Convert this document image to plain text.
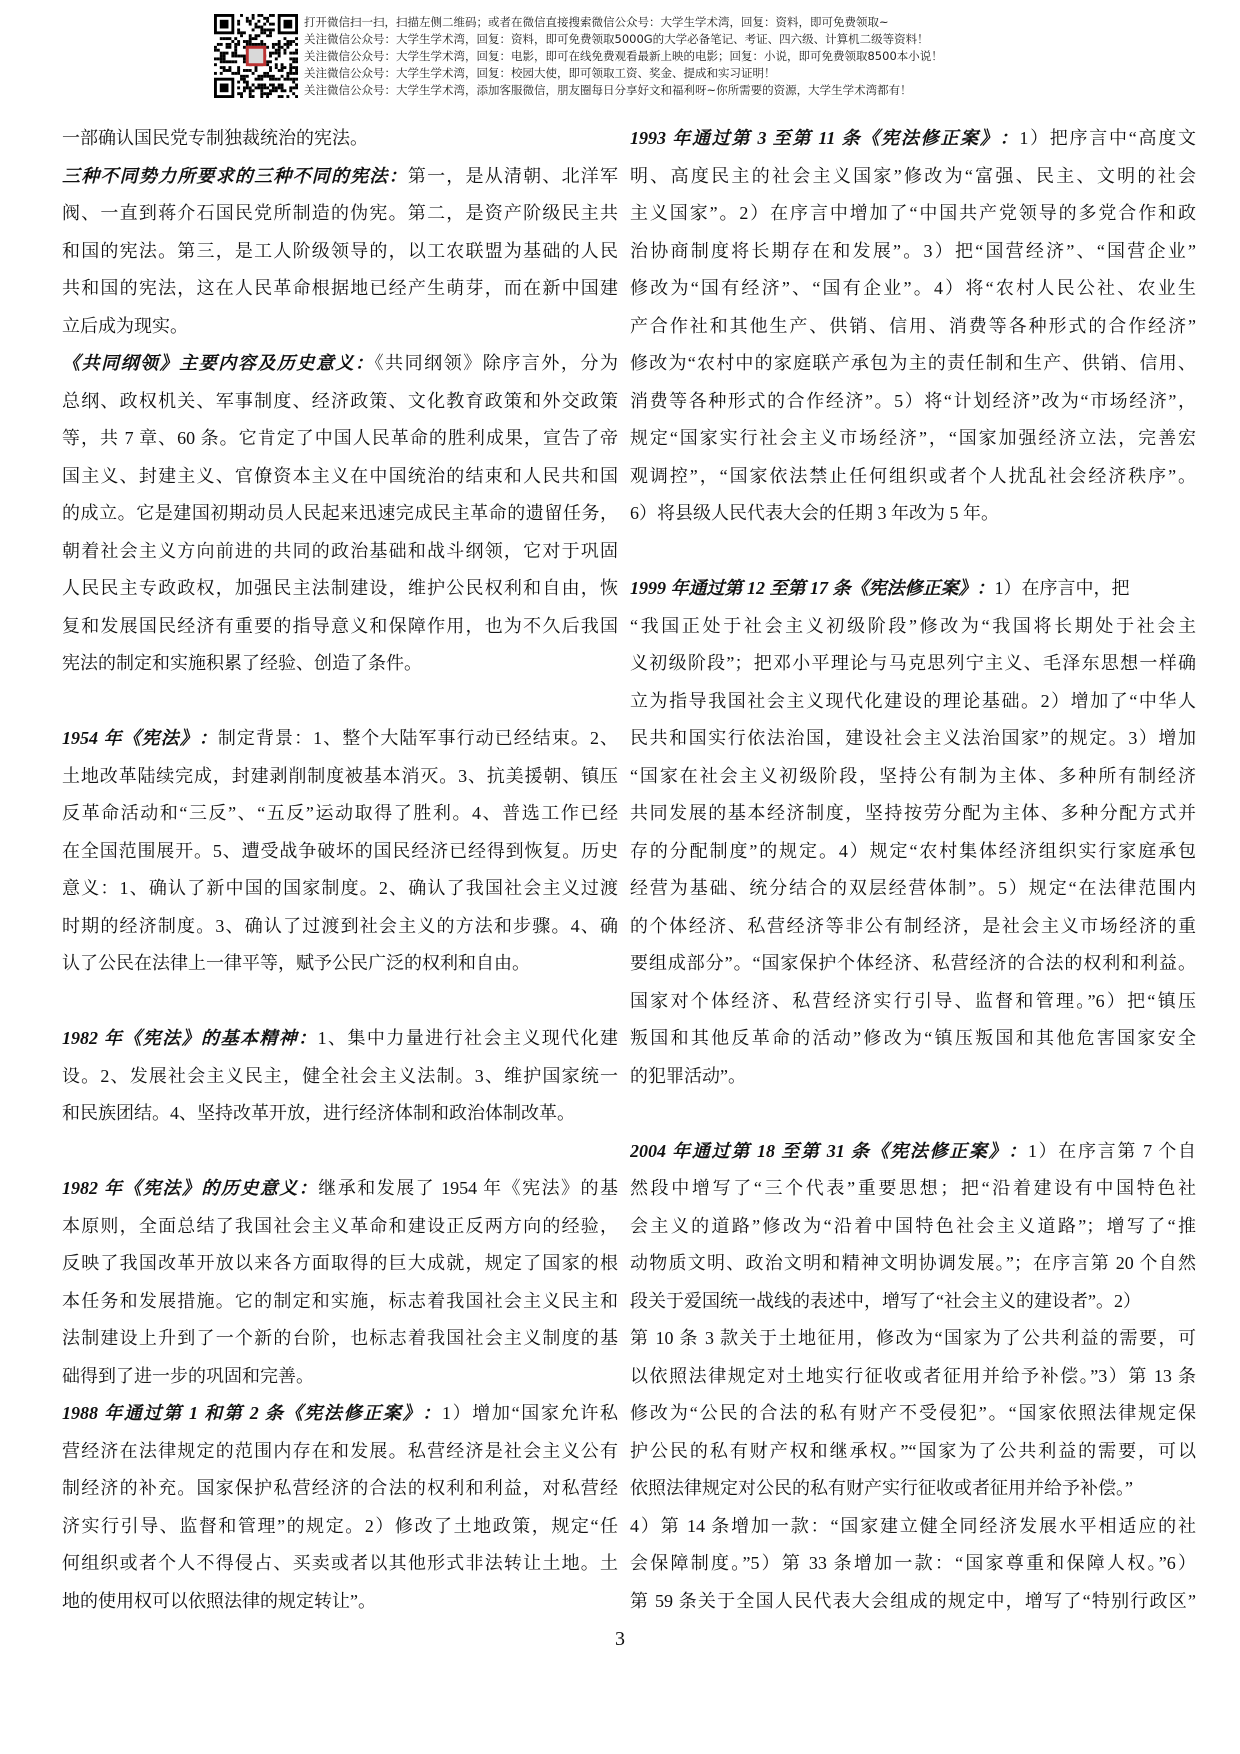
打开微信扫一扫，扫描左侧二维码；或者在微信直接搜索微信公众号：大学生学术湾，回复：资料，即可免费领取~
关注微信公众号：大学生学术湾，回复：资料，即可免费领取5000G的大学必备笔记、考证、四六级、计算机二级等资料！
关注微信公众号：大学生学术湾，回复：电影，即可在线免费观看最新上映的电影；回复：小说，即可免费领取8500本小说！
关注微信公众号：大学生学术湾，回复：校园大使，即可领取工资、奖金、提成和实习证明！
关注微信公众号：大学生学术湾，添加客服微信，朋友圈每日分享好文和福利呀~你所需要的资源，大学生学术湾都有！
一部确认国民党专制独裁统治的宪法。
三种不同势力所要求的三种不同的宪法：第一，是从清朝、北洋军
阀、一直到蒋介石国民党所制造的伪宪。第二，是资产阶级民主共
和国的宪法。第三，是工人阶级领导的，以工农联盟为基础的人民
共和国的宪法，这在人民革命根据地已经产生萌芽，而在新中国建
立后成为现实。
《共同纲领》主要内容及历史意义：《共同纲领》除序言外，分为
总纲、政权机关、军事制度、经济政策、文化教育政策和外交政策
等，共 7 章、60 条。它肯定了中国人民革命的胜利成果，宣告了帝
国主义、封建主义、官僚资本主义在中国统治的结束和人民共和国
的成立。它是建国初期动员人民起来迅速完成民主革命的遗留任务，
朝着社会主义方向前进的共同的政治基础和战斗纲领，它对于巩固
人民民主专政政权，加强民主法制建设，维护公民权利和自由，恢
复和发展国民经济有重要的指导意义和保障作用，也为不久后我国
宪法的制定和实施积累了经验、创造了条件。
1954 年《宪法》：制定背景：1、整个大陆军事行动已经结束。2、
土地改革陆续完成，封建剥削制度被基本消灭。3、抗美援朝、镇压
反革命活动和“三反”、“五反”运动取得了胜利。4、普选工作已经
在全国范围展开。5、遭受战争破坏的国民经济已经得到恢复。历史
意义：1、确认了新中国的国家制度。2、确认了我国社会主义过渡
时期的经济制度。3、确认了过渡到社会主义的方法和步骤。4、确
认了公民在法律上一律平等，赋予公民广泛的权利和自由。
1982 年《宪法》的基本精神：1、集中力量进行社会主义现代化建
设。2、发展社会主义民主，健全社会主义法制。3、维护国家统一
和民族团结。4、坚持改革开放，进行经济体制和政治体制改革。
1982 年《宪法》的历史意义：继承和发展了 1954 年《宪法》的基
本原则，全面总结了我国社会主义革命和建设正反两方向的经验，
反映了我国改革开放以来各方面取得的巨大成就，规定了国家的根
本任务和发展措施。它的制定和实施，标志着我国社会主义民主和
法制建设上升到了一个新的台阶，也标志着我国社会主义制度的基
础得到了进一步的巩固和完善。
1988 年通过第 1 和第 2 条《宪法修正案》：1）增加“国家允许私
营经济在法律规定的范围内存在和发展。私营经济是社会主义公有
制经济的补充。国家保护私营经济的合法的权利和利益，对私营经
济实行引导、监督和管理”的规定。2）修改了土地政策，规定“任
何组织或者个人不得侵占、买卖或者以其他形式非法转让土地。土
地的使用权可以依照法律的规定转让”。
1993 年通过第 3 至第 11 条《宪法修正案》：1）把序言中“高度文
明、高度民主的社会主义国家”修改为“富强、民主、文明的社会
主义国家”。2）在序言中增加了“中国共产党领导的多党合作和政
治协商制度将长期存在和发展”。3）把“国营经济”、“国营企业”
修改为“国有经济”、“国有企业”。4）将“农村人民公社、农业生
产合作社和其他生产、供销、信用、消费等各种形式的合作经济”
修改为“农村中的家庭联产承包为主的责任制和生产、供销、信用、
消费等各种形式的合作经济”。5）将“计划经济”改为“市场经济”，
规定“国家实行社会主义市场经济”，“国家加强经济立法，完善宏
观调控”，“国家依法禁止任何组织或者个人扰乱社会经济秩序”。
6）将县级人民代表大会的任期 3 年改为 5 年。
1999 年通过第 12 至第 17 条《宪法修正案》：1）在序言中，把
“我国正处于社会主义初级阶段”修改为“我国将长期处于社会主
义初级阶段”；把邓小平理论与马克思列宁主义、毛泽东思想一样确
立为指导我国社会主义现代化建设的理论基础。2）增加了“中华人
民共和国实行依法治国，建设社会主义法治国家”的规定。3）增加
“国家在社会主义初级阶段，坚持公有制为主体、多种所有制经济
共同发展的基本经济制度，坚持按劳分配为主体、多种分配方式并
存的分配制度”的规定。4）规定“农村集体经济组织实行家庭承包
经营为基础、统分结合的双层经营体制”。5）规定“在法律范围内
的个体经济、私营经济等非公有制经济，是社会主义市场经济的重
要组成部分”。“国家保护个体经济、私营经济的合法的权利和利益。
国家对个体经济、私营经济实行引导、监督和管理。”6）把“镇压
叛国和其他反革命的活动”修改为“镇压叛国和其他危害国家安全
的犯罪活动”。
2004 年通过第 18 至第 31 条《宪法修正案》：1）在序言第 7 个自
然段中增写了“三个代表”重要思想；把“沿着建设有中国特色社
会主义的道路”修改为“沿着中国特色社会主义道路”；增写了“推
动物质文明、政治文明和精神文明协调发展。”；在序言第 20 个自然
段关于爱国统一战线的表述中，增写了“社会主义的建设者”。2）
第 10 条 3 款关于土地征用，修改为“国家为了公共利益的需要，可
以依照法律规定对土地实行征收或者征用并给予补偿。”3）第 13 条
修改为“公民的合法的私有财产不受侵犯”。“国家依照法律规定保
护公民的私有财产权和继承权。”“国家为了公共利益的需要，可以
依照法律规定对公民的私有财产实行征收或者征用并给予补偿。”
4）第 14 条增加一款：“国家建立健全同经济发展水平相适应的社
会保障制度。”5）第 33 条增加一款：“国家尊重和保障人权。”6）
第 59 条关于全国人民代表大会组成的规定中，增写了“特别行政区”
3
